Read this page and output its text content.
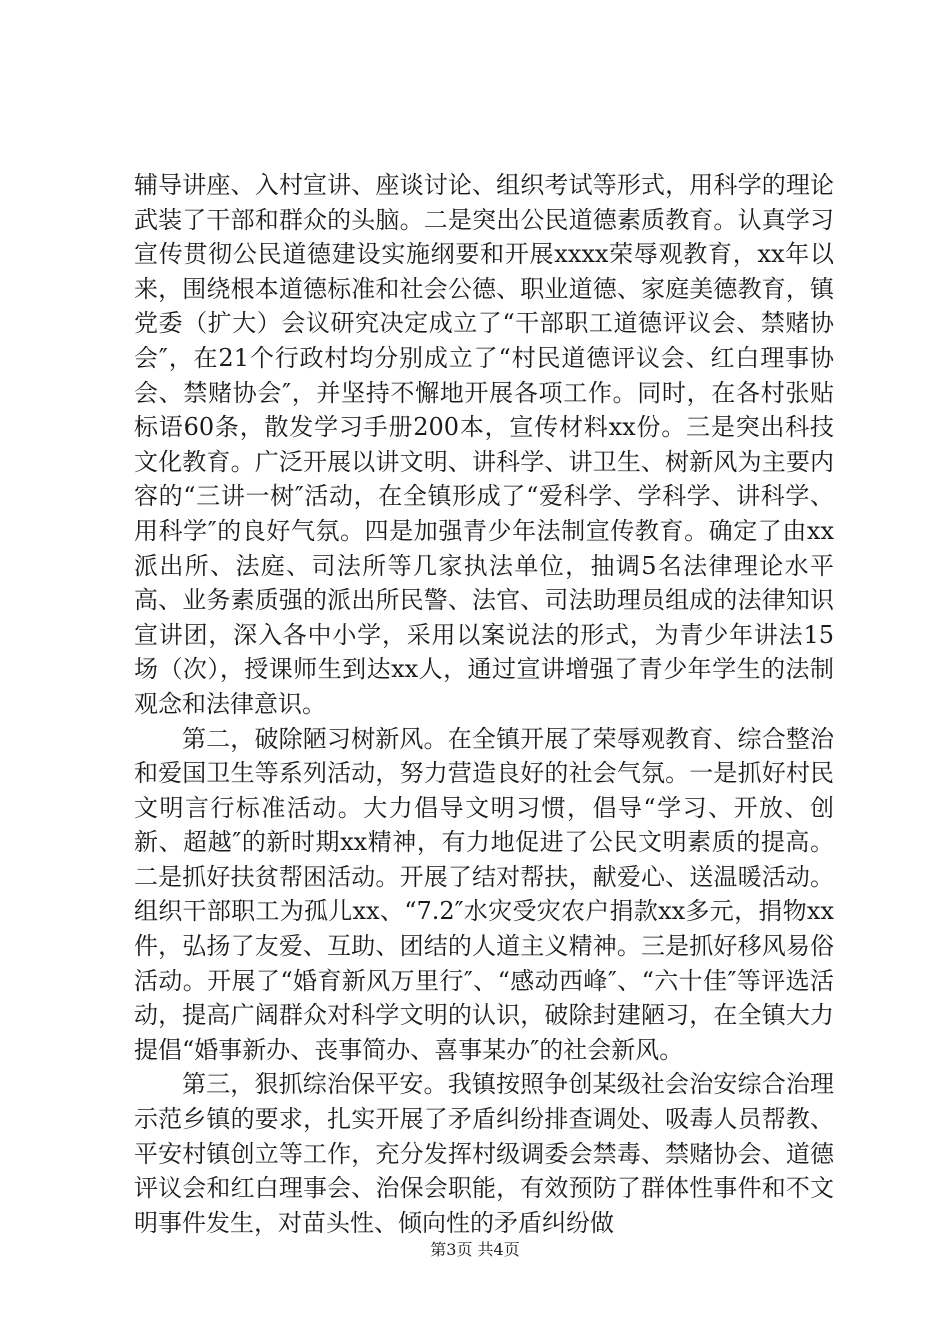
辅导讲座、入村宣讲、座谈讨论、组织考试等形式，用科学的理论武装了干部和群众的头脑。二是突出公民道德素质教育。认真学习宣传贯彻公民道德建设实施纲要和开展xxxx荣辱观教育，xx年以来，围绕根本道德标准和社会公德、职业道德、家庭美德教育，镇党委（扩大）会议研究决定成立了“干部职工道德评议会、禁赌协会″，在21个行政村均分别成立了“村民道德评议会、红白理事协会、禁赌协会″，并坚持不懈地开展各项工作。同时，在各村张贴标语60条，散发学习手册200本，宣传材料xx份。三是突出科技文化教育。广泛开展以讲文明、讲科学、讲卫生、树新风为主要内容的“三讲一树″活动，在全镇形成了“爱科学、学科学、讲科学、用科学″的良好气氛。四是加强青少年法制宣传教育。确定了由xx派出所、法庭、司法所等几家执法单位，抽调5名法律理论水平高、业务素质强的派出所民警、法官、司法助理员组成的法律知识宣讲团，深入各中小学，采用以案说法的形式，为青少年讲法15场（次），授课师生到达xx人，通过宣讲增强了青少年学生的法制观念和法律意识。

第二，破除陋习树新风。在全镇开展了荣辱观教育、综合整治和爱国卫生等系列活动，努力营造良好的社会气氛。一是抓好村民文明言行标准活动。大力倡导文明习惯，倡导“学习、开放、创新、超越″的新时期xx精神，有力地促进了公民文明素质的提高。二是抓好扶贫帮困活动。开展了结对帮扶，献爱心、送温暖活动。组织干部职工为孤儿xx、“7.2″水灾受灾农户捐款xx多元，捐物xx件，弘扬了友爱、互助、团结的人道主义精神。三是抓好移风易俗活动。开展了“婚育新风万里行″、“感动西峰″、“六十佳″等评选活动，提高广阔群众对科学文明的认识，破除封建陋习，在全镇大力提倡“婚事新办、丧事简办、喜事某办″的社会新风。

第三，狠抓综治保平安。我镇按照争创某级社会治安综合治理示范乡镇的要求，扎实开展了矛盾纠纷排查调处、吸毒人员帮教、平安村镇创立等工作，充分发挥村级调委会禁毒、禁赌协会、道德评议会和红白理事会、治保会职能，有效预防了群体性事件和不文明事件发生，对苗头性、倾向性的矛盾纠纷做

第3页 共4页
